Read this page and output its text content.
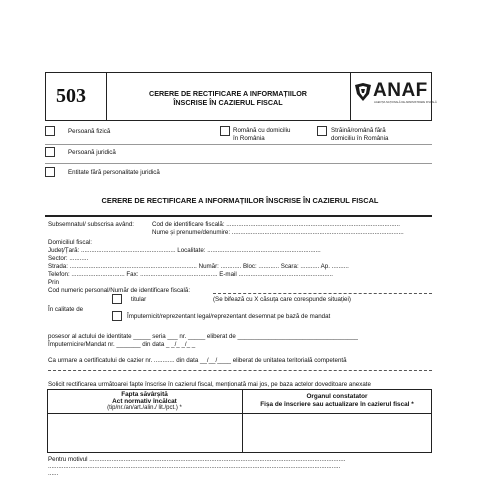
503	CERERE DE RECTIFICARE A INFORMAȚIILOR
ÎNSCRISE ÎN CAZIERUL FISCAL
ANAF
AGENȚIA NAȚIONALĂ DE ADMINISTRARE FISCALĂ
Persoană fizică	Română cu domiciliu
în România
Străină/română fără
domiciliu în România
Persoană juridică
Entitate fără personalitate juridică
CERERE DE RECTIFICARE A INFORMAȚIILOR ÎNSCRISE ÎN CAZIERUL FISCAL
Subsemnatul/ subscrisa având:	Cod de identificare fiscală: .....................................................................................................
Nume și prenume/denumire: ....................................................................................................
Domiciliul fiscal:
Județ/Țară: ....................................................... Localitate: ..................................................................
Sector: ...........
Strada: .......................................................................... Număr: ............ Bloc: ............ Scara: ........... Ap. ..........
Telefon: ............................... Fax: ............................................. E-mail .......................................................
Prin
Cod numeric personal/Număr de identificare fiscală:
titular	(Se bifează cu X căsuța care corespunde situației)
În calitate de
Împuternicit/reprezentant legal/reprezentant desemnat pe bază de mandat
posesor al actului de identitate _____ seria ___ nr. _____ eliberat de ___________________________________
Împuternicire/Mandat nr. _______ din data _ _/_ _/_ _
Ca urmare a certificatului de cazier nr. ............ din data __/__/____ eliberat de unitatea teritorială competentă
Solicit rectificarea următoarei fapte înscrise în cazierul fiscal, menționată mai jos, pe baza actelor doveditoare anexate
Fapta săvârșită
Act normativ încălcat
(tip/nr./an/art./alin./ lit./pct.) *
Organul constatator
Fișa de înscriere sau actualizare în cazierul fiscal *
Pentru motivul .....................................................................................................................................................
..........................................................................................................................................................................
......
